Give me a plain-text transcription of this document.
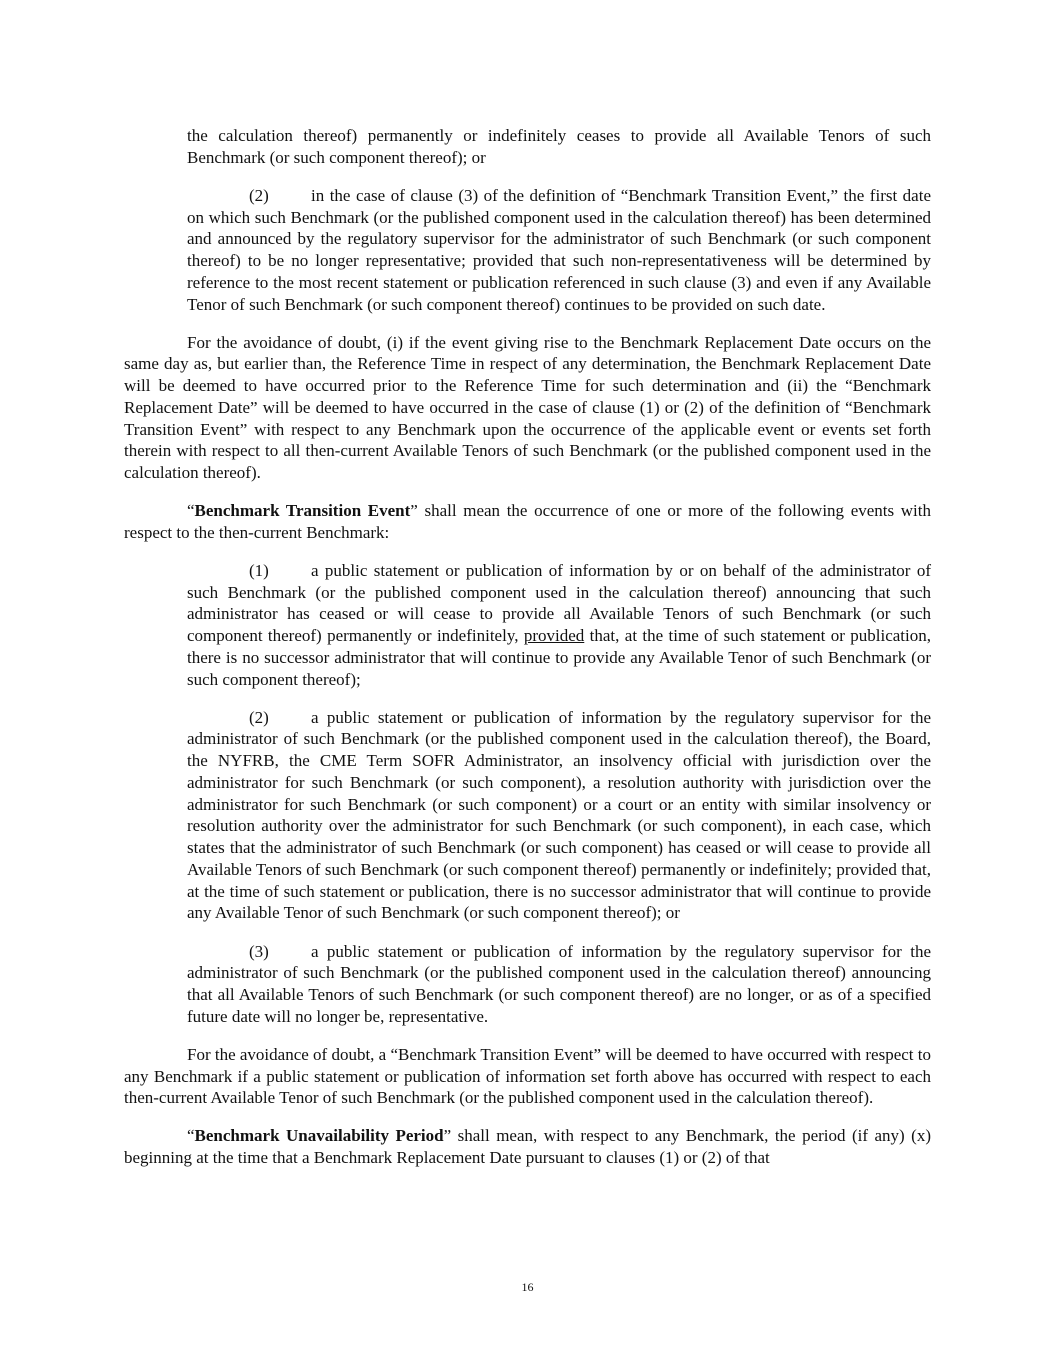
the calculation thereof) permanently or indefinitely ceases to provide all Available Tenors of such Benchmark (or such component thereof); or

(2) in the case of clause (3) of the definition of “Benchmark Transition Event,” the first date on which such Benchmark (or the published component used in the calculation thereof) has been determined and announced by the regulatory supervisor for the administrator of such Benchmark (or such component thereof) to be no longer representative; provided that such non-representativeness will be determined by reference to the most recent statement or publication referenced in such clause (3) and even if any Available Tenor of such Benchmark (or such component thereof) continues to be provided on such date.

For the avoidance of doubt, (i) if the event giving rise to the Benchmark Replacement Date occurs on the same day as, but earlier than, the Reference Time in respect of any determination, the Benchmark Replacement Date will be deemed to have occurred prior to the Reference Time for such determination and (ii) the “Benchmark Replacement Date” will be deemed to have occurred in the case of clause (1) or (2) of the definition of “Benchmark Transition Event” with respect to any Benchmark upon the occurrence of the applicable event or events set forth therein with respect to all then-current Available Tenors of such Benchmark (or the published component used in the calculation thereof).

“Benchmark Transition Event” shall mean the occurrence of one or more of the following events with respect to the then-current Benchmark:

(1) a public statement or publication of information by or on behalf of the administrator of such Benchmark (or the published component used in the calculation thereof) announcing that such administrator has ceased or will cease to provide all Available Tenors of such Benchmark (or such component thereof) permanently or indefinitely, provided that, at the time of such statement or publication, there is no successor administrator that will continue to provide any Available Tenor of such Benchmark (or such component thereof);

(2) a public statement or publication of information by the regulatory supervisor for the administrator of such Benchmark (or the published component used in the calculation thereof), the Board, the NYFRB, the CME Term SOFR Administrator, an insolvency official with jurisdiction over the administrator for such Benchmark (or such component), a resolution authority with jurisdiction over the administrator for such Benchmark (or such component) or a court or an entity with similar insolvency or resolution authority over the administrator for such Benchmark (or such component), in each case, which states that the administrator of such Benchmark (or such component) has ceased or will cease to provide all Available Tenors of such Benchmark (or such component thereof) permanently or indefinitely; provided that, at the time of such statement or publication, there is no successor administrator that will continue to provide any Available Tenor of such Benchmark (or such component thereof); or

(3) a public statement or publication of information by the regulatory supervisor for the administrator of such Benchmark (or the published component used in the calculation thereof) announcing that all Available Tenors of such Benchmark (or such component thereof) are no longer, or as of a specified future date will no longer be, representative.

For the avoidance of doubt, a “Benchmark Transition Event” will be deemed to have occurred with respect to any Benchmark if a public statement or publication of information set forth above has occurred with respect to each then-current Available Tenor of such Benchmark (or the published component used in the calculation thereof).

“Benchmark Unavailability Period” shall mean, with respect to any Benchmark, the period (if any) (x) beginning at the time that a Benchmark Replacement Date pursuant to clauses (1) or (2) of that

16
